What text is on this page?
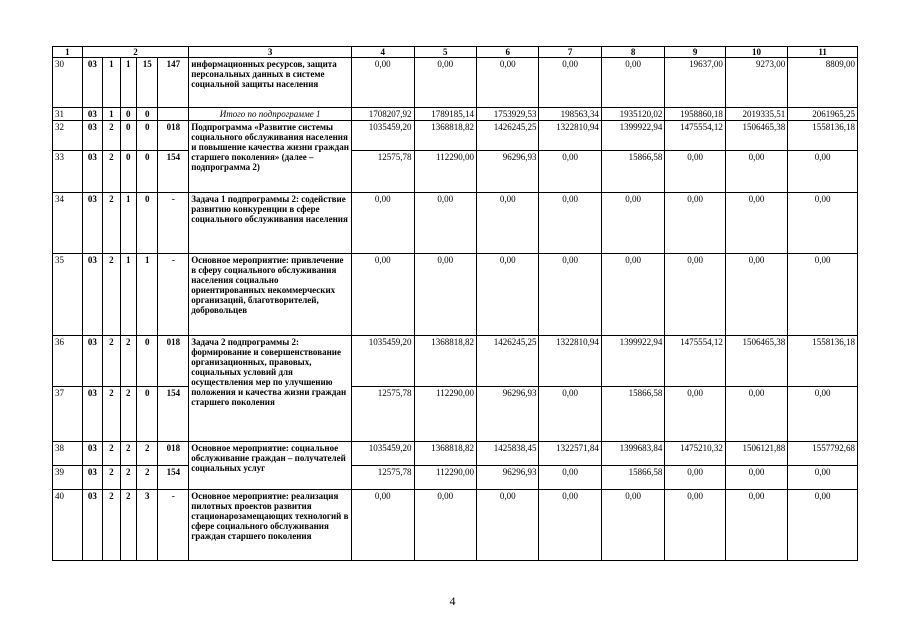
1	2					3	4	5	6	7	8	9	10	11
30	03	1	1	15	147	информационных ресурсов, защита персональных данных в системе социальной защиты населения	0,00	0,00	0,00	0,00	0,00	19637,00	9273,00	8809,00
31	03	1	0	0		Итого по подпрограмме 1	1708207,92	1789185,14	1753929,53	198563,34	1935120,02	1958860,18	2019335,51	2061965,25
32	03	2	0	0	018	Подпрограмма «Развитие системы социального обслуживания населения и повышение качества жизни граждан старшего поколения» (далее – подпрограмма 2)	1035459,20	1368818,82	1426245,25	1322810,94	1399922,94	1475554,12	1506465,38	1558136,18
33	03	2	0	0	154		12575,78	112290,00	96296,93	0,00	15866,58	0,00	0,00	0,00
34	03	2	1	0	-	Задача 1 подпрограммы 2: содействие развитию конкуренции в сфере социального обслуживания населения	0,00	0,00	0,00	0,00	0,00	0,00	0,00	0,00
35	03	2	1	1	-	Основное мероприятие: привлечение в сферу социального обслуживания населения социально ориентированных некоммерческих организаций, благотворителей, добровольцев	0,00	0,00	0,00	0,00	0,00	0,00	0,00	0,00
36	03	2	2	0	018	Задача 2 подпрограммы 2: формирование и совершенствование организационных, правовых, социальных условий для осуществления мер по улучшению положения и качества жизни граждан старшего поколения	1035459,20	1368818,82	1426245,25	1322810,94	1399922,94	1475554,12	1506465,38	1558136,18
37	03	2	2	0	154		12575,78	112290,00	96296,93	0,00	15866,58	0,00	0,00	0,00
38	03	2	2	2	018	Основное мероприятие: социальное обслуживание граждан – получателей социальных услуг	1035459,20	1368818,82	1425838,45	1322571,84	1399683,84	1475210,32	1506121,88	1557792,68
39	03	2	2	2	154		12575,78	112290,00	96296,93	0,00	15866,58	0,00	0,00	0,00
40	03	2	2	3	-	Основное мероприятие: реализация пилотных проектов развития стационарозамещающих технологий в сфере социального обслуживания граждан старшего поколения	0,00	0,00	0,00	0,00	0,00	0,00	0,00	0,00
4
